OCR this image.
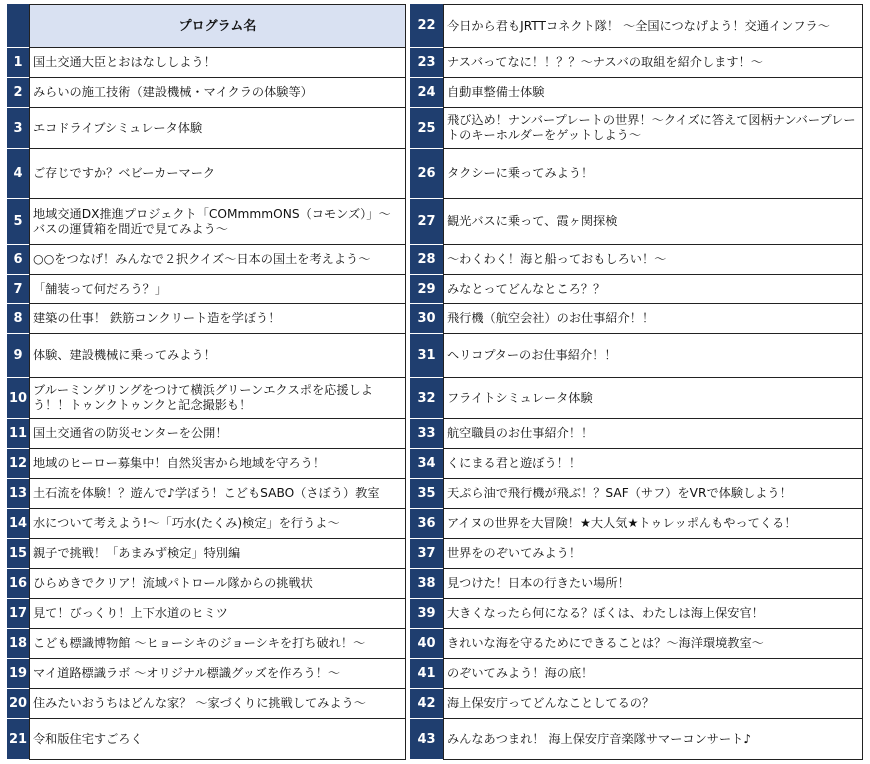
プログラム名
1 国土交通大臣とおはなししよう！
2 みらいの施工技術（建設機械・マイクラの体験等）
3 エコドライブシミュレータ体験
4 ご存じですか？ベビーカーマーク
5
地域交通DX推進プロジェクト「COMmmmONS（コモンズ）」～バスの運賃箱を間近で見てみよう～
6 ○○をつなげ！みんなで２択クイズ～日本の国土を考えよう～
7 「舗装って何だろう？」
8 建築の仕事！ 鉄筋コンクリート造を学ぼう！
9 体験、建設機械に乗ってみよう！
10
ブルーミングリングをつけて横浜グリーンエクスポを応援しよう！！トゥンクトゥンクと記念撮影も！
11 国土交通省の防災センターを公開！
12 地域のヒーロー募集中！自然災害から地域を守ろう！
13 土石流を体験！？遊んで♪学ぼう！こどもSABO（さぼう）教室
14 水について考えよう!～「巧水(たくみ)検定」を行うよ～
15 親子で挑戦！「あまみず検定」特別編
16 ひらめきでクリア！流域パトロール隊からの挑戦状
17 見て！びっくり！上下水道のヒミツ
18 こども標識博物館 ～ヒョーシキのジョーシキを打ち破れ！～
19 マイ道路標識ラボ ～オリジナル標識グッズを作ろう！～
20 住みたいおうちはどんな家？ ～家づくりに挑戦してみよう～
21 令和版住宅すごろく
22 今日から君もJRTTコネクト隊！ ～全国につなげよう！交通インフラ～
23 ナスバってなに！！？？～ナスバの取組を紹介します！～
24 自動車整備士体験
25
飛び込め！ナンバープレートの世界！～クイズに答えて図柄ナンバープレートのキーホルダーをゲットしよう～
26 タクシーに乗ってみよう！
27 観光バスに乗って、霞ヶ関探検
28 ～わくわく！海と船っておもしろい！～
29 みなとってどんなところ？？
30 飛行機（航空会社）のお仕事紹介！！
31 ヘリコプターのお仕事紹介！！
32 フライトシミュレータ体験
33 航空職員のお仕事紹介！！
34 くにまる君と遊ぼう！！
35 天ぷら油で飛行機が飛ぶ！？SAF（サフ）をVRで体験しよう！
36 アイヌの世界を大冒険！★大人気★トゥレッポんもやってくる！
37 世界をのぞいてみよう！
38 見つけた！日本の行きたい場所！
39 大きくなったら何になる？ぼくは、わたしは海上保安官！
40 きれいな海を守るためにできることは？～海洋環境教室～
41 のぞいてみよう！海の底！
42 海上保安庁ってどんなことしてるの？
43 みんなあつまれ！ 海上保安庁音楽隊サマーコンサート♪
